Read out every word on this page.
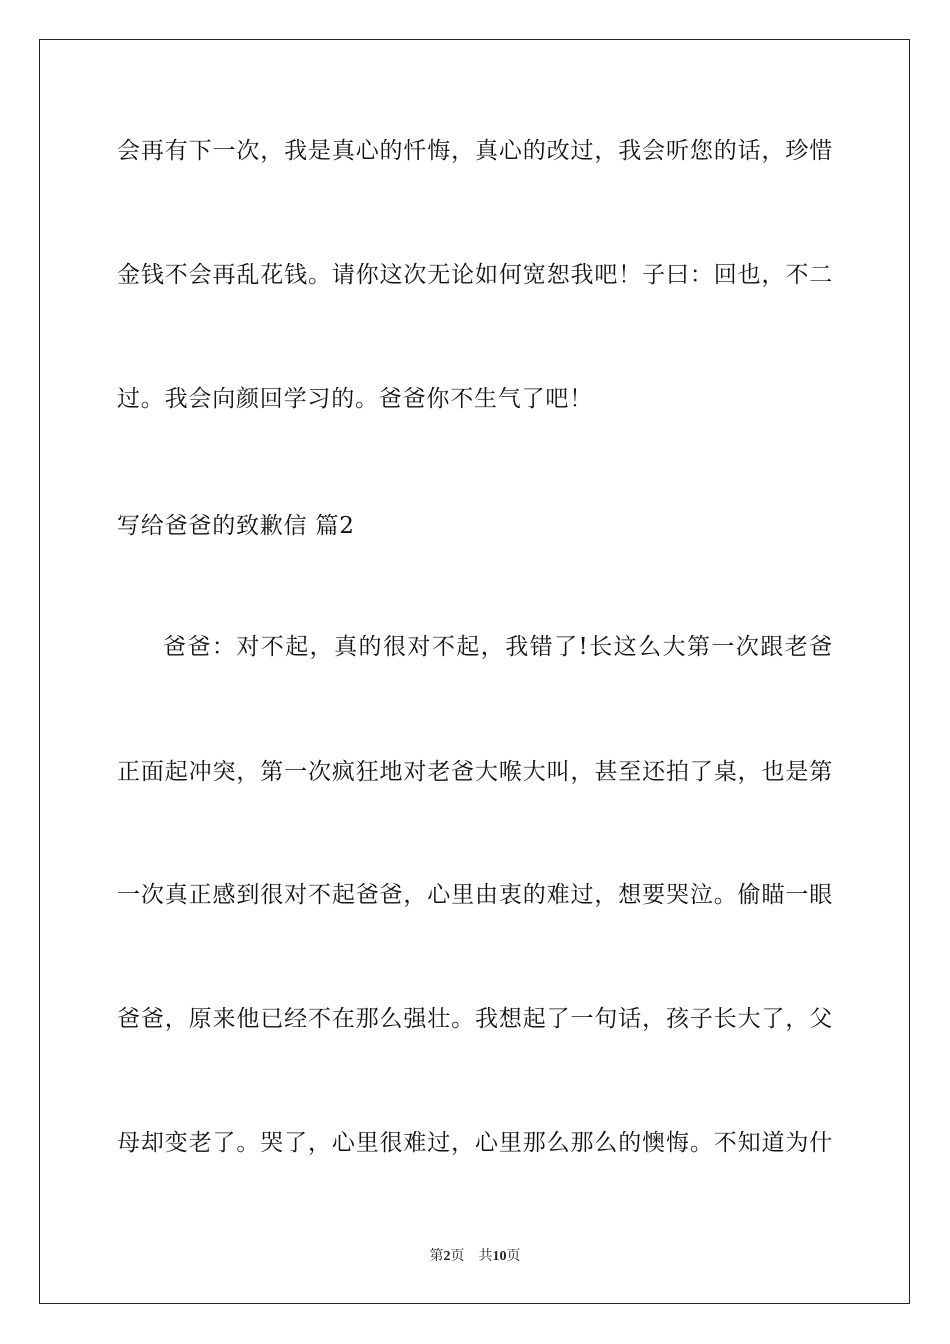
会再有下一次，我是真心的忏悔，真心的改过，我会听您的话，珍惜
金钱不会再乱花钱。请你这次无论如何宽恕我吧！子曰：回也，不二
过。我会向颜回学习的。爸爸你不生气了吧！
写给爸爸的致歉信 篇2
爸爸：对不起，真的很对不起，我错了!长这么大第一次跟老爸
正面起冲突，第一次疯狂地对老爸大喉大叫，甚至还拍了桌，也是第
一次真正感到很对不起爸爸，心里由衷的难过，想要哭泣。偷瞄一眼
爸爸，原来他已经不在那么强壮。我想起了一句话，孩子长大了，父
母却变老了。哭了，心里很难过，心里那么那么的懊悔。不知道为什
第2页 共10页
